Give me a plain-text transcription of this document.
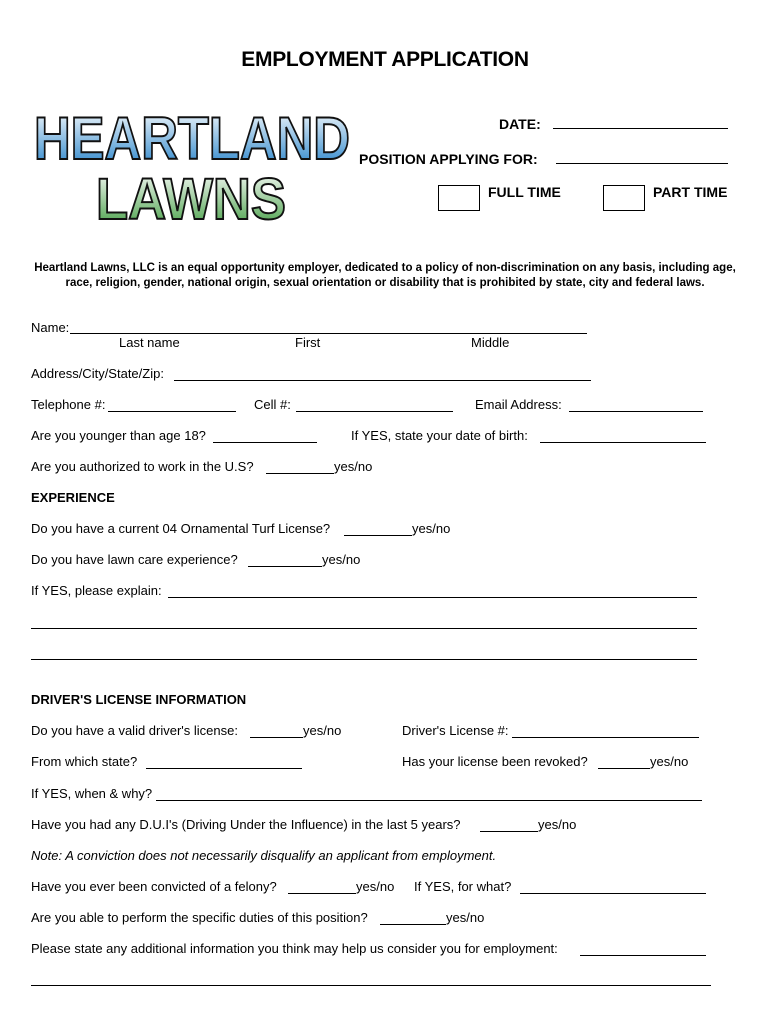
EMPLOYMENT APPLICATION
HEARTLAND
LAWNS
DATE:
POSITION APPLYING FOR:
FULL TIME	PART TIME
Heartland Lawns, LLC is an equal opportunity employer, dedicated to a policy of non-discrimination on any basis, including age, race, religion, gender, national origin, sexual orientation or disability that is prohibited by state, city and federal laws.
Name:
Last name	First	Middle
Address/City/State/Zip:
Telephone #:	Cell #:	Email Address:
Are you younger than age 18?	If YES, state your date of birth:
Are you authorized to work in the U.S?	yes/no
EXPERIENCE
Do you have a current 04 Ornamental Turf License?	yes/no
Do you have lawn care experience?	yes/no
If YES, please explain:
DRIVER'S LICENSE INFORMATION
Do you have a valid driver's license:	yes/no	Driver's License #:
From which state?	Has your license been revoked?	yes/no
If YES, when & why?
Have you had any D.U.I's (Driving Under the Influence) in the last 5 years?	yes/no
Note: A conviction does not necessarily disqualify an applicant from employment.
Have you ever been convicted of a felony?	yes/no If YES, for what?
Are you able to perform the specific duties of this position?	yes/no
Please state any additional information you think may help us consider you for employment:
